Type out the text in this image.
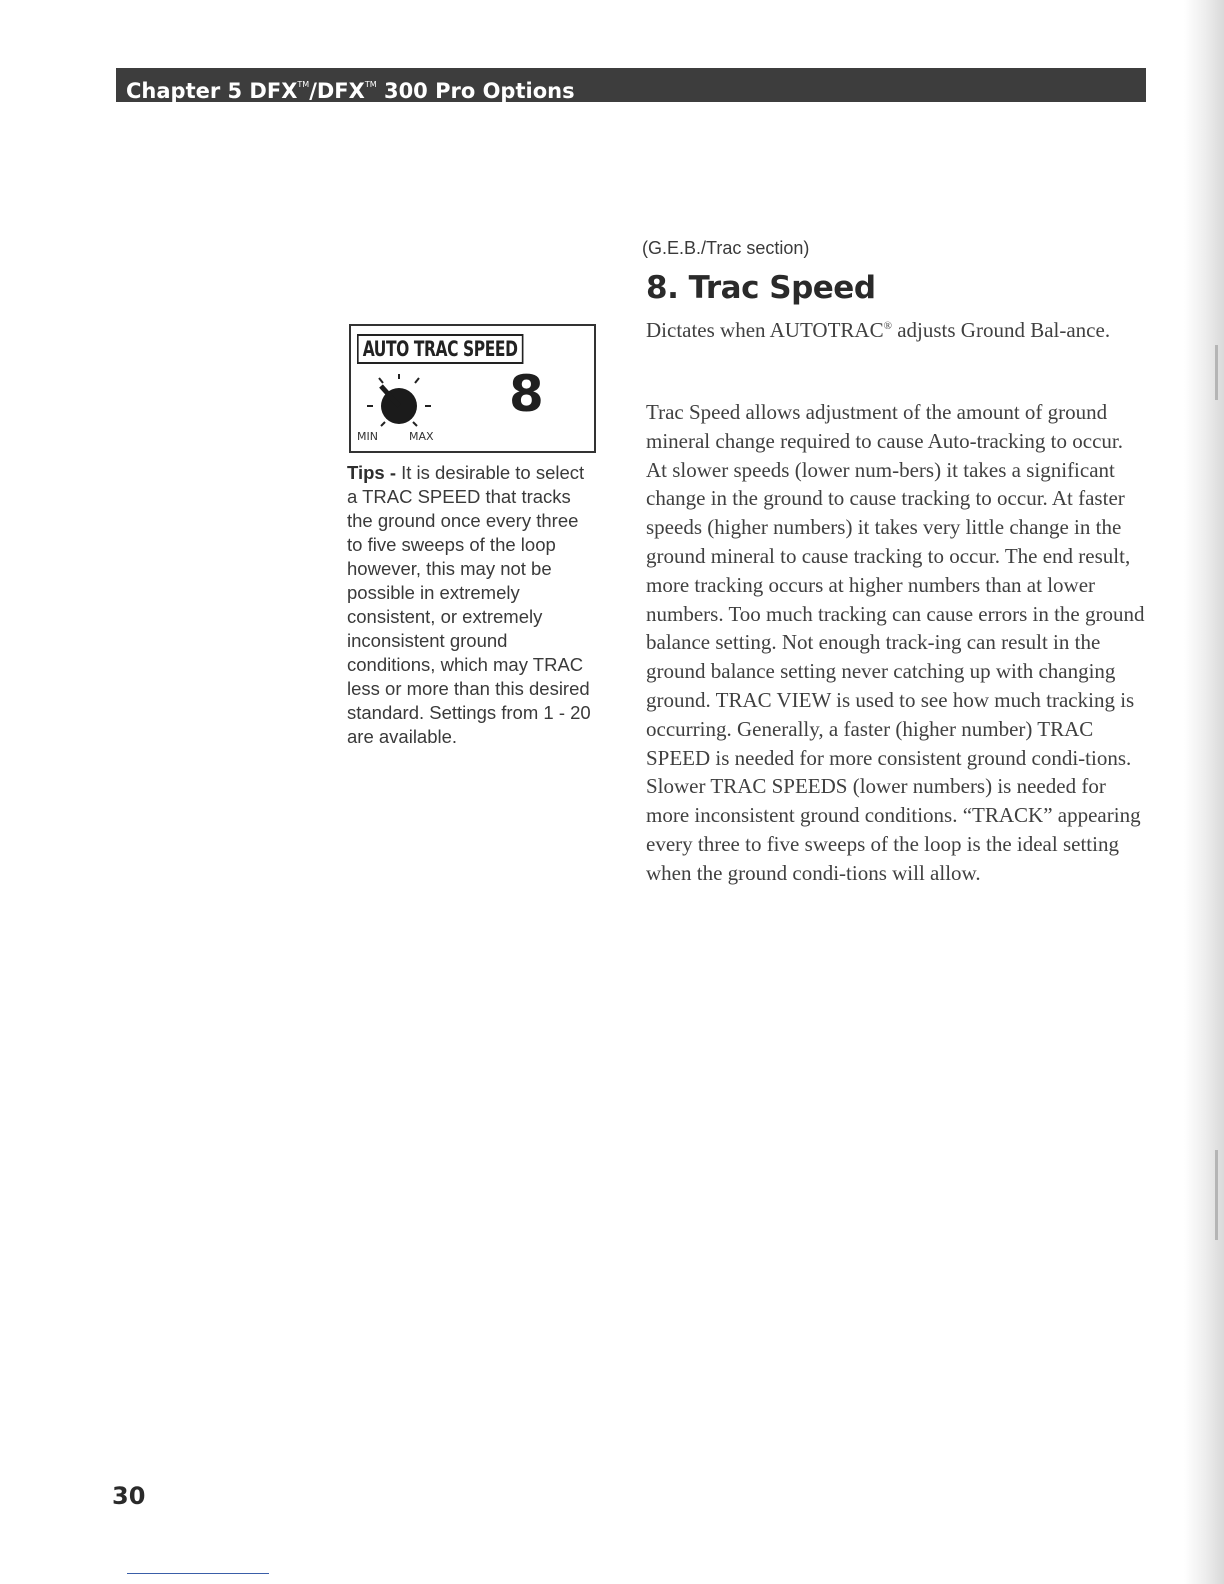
Chapter 5 DFX™/DFX™ 300 Pro Options
AUTO TRAC SPEED
8
MIN	MAX
Tips - It is desirable to select a TRAC SPEED that tracks the ground once every three to five sweeps of the loop however, this may not be possible in extremely consistent, or extremely inconsistent ground conditions, which may TRAC less or more than this desired standard. Settings from 1 - 20 are available.
(G.E.B./Trac section)
8. Trac Speed
Dictates when AUTOTRAC® adjusts Ground Bal-ance.
Trac Speed allows adjustment of the amount of ground mineral change required to cause Auto-tracking to occur. At slower speeds (lower num-bers) it takes a significant change in the ground to cause tracking to occur. At faster speeds (higher numbers) it takes very little change in the ground mineral to cause tracking to occur. The end result, more tracking occurs at higher numbers than at lower numbers. Too much tracking can cause errors in the ground balance setting. Not enough track-ing can result in the ground balance setting never catching up with changing ground. TRAC VIEW is used to see how much tracking is occurring. Generally, a faster (higher number) TRAC SPEED is needed for more consistent ground condi-tions. Slower TRAC SPEEDS (lower numbers) is needed for more inconsistent ground conditions. “TRACK” appearing every three to five sweeps of the loop is the ideal setting when the ground condi-tions will allow.
30
